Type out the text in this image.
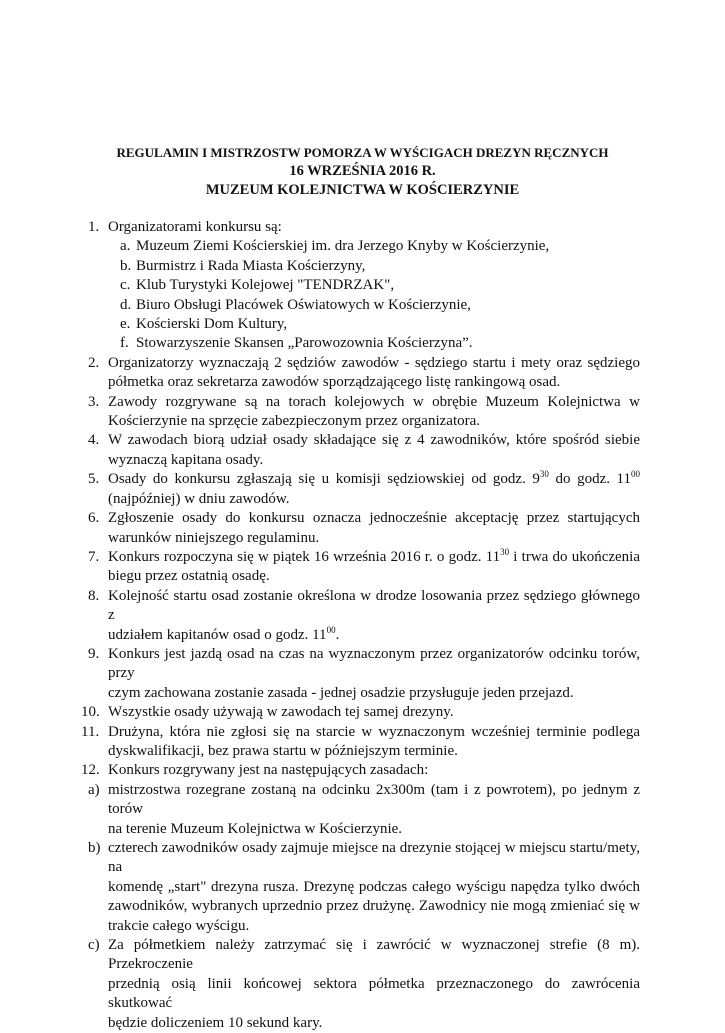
REGULAMIN I MISTRZOSTW POMORZA W WYŚCIGACH DREZYN RĘCZNYCH
16 WRZEŚNIA 2016 R.
MUZEUM KOLEJNICTWA W KOŚCIERZYNIE
1. Organizatorami konkursu są:
a. Muzeum Ziemi Kościerskiej im. dra Jerzego Knyby w Kościerzynie,
b. Burmistrz i Rada Miasta Kościerzyny,
c. Klub Turystyki Kolejowej "TENDRZAK",
d. Biuro Obsługi Placówek Oświatowych w Kościerzynie,
e. Kościerski Dom Kultury,
f. Stowarzyszenie Skansen „Parowozownia Kościerzyna”.
2. Organizatorzy wyznaczają 2 sędziów zawodów - sędziego startu i mety oraz sędziego
półmetka oraz sekretarza zawodów sporządzającego listę rankingową osad.
3. Zawody rozgrywane są na torach kolejowych w obrębie Muzeum Kolejnictwa w
Kościerzynie na sprzęcie zabezpieczonym przez organizatora.
4. W zawodach biorą udział osady składające się z 4 zawodników, które spośród siebie
wyznaczą kapitana osady.
5. Osady do konkursu zgłaszają się u komisji sędziowskiej od godz. $9^{30}$ do godz. $11^{00}$
(najpóźniej) w dniu zawodów.
6. Zgłoszenie osady do konkursu oznacza jednocześnie akceptację przez startujących
warunków niniejszego regulaminu.
7. Konkurs rozpoczyna się w piątek 16 września 2016 r. o godz. $11^{30}$ i trwa do ukończenia
biegu przez ostatnią osadę.
8. Kolejność startu osad zostanie określona w drodze losowania przez sędziego głównego z
udziałem kapitanów osad o godz. $11^{00}$.
9. Konkurs jest jazdą osad na czas na wyznaczonym przez organizatorów odcinku torów, przy
czym zachowana zostanie zasada - jednej osadzie przysługuje jeden przejazd.
10. Wszystkie osady używają w zawodach tej samej drezyny.
11. Drużyna, która nie zgłosi się na starcie w wyznaczonym wcześniej terminie podlega
dyskwalifikacji, bez prawa startu w późniejszym terminie.
12. Konkurs rozgrywany jest na następujących zasadach:
a) mistrzostwa rozegrane zostaną na odcinku 2x300m (tam i z powrotem), po jednym z torów
na terenie Muzeum Kolejnictwa w Kościerzynie.
b) czterech zawodników osady zajmuje miejsce na drezynie stojącej w miejscu startu/mety, na
komendę „start" drezyna rusza. Drezynę podczas całego wyścigu napędza tylko dwóch
zawodników, wybranych uprzednio przez drużynę. Zawodnicy nie mogą zmieniać się w
trakcie całego wyścigu.
c) Za półmetkiem należy zatrzymać się i zawrócić w wyznaczonej strefie (8 m). Przekroczenie
przednią osią linii końcowej sektora półmetka przeznaczonego do zawrócenia skutkować
będzie doliczeniem 10 sekund kary.
